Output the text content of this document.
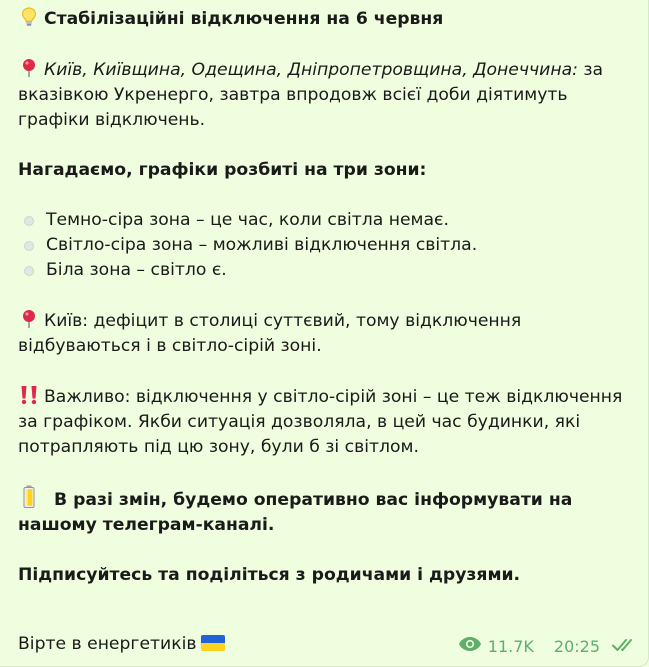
Стабілізаційні відключення на 6 червня
Київ, Київщина, Одещина, Дніпропетровщина, Донеччина: за вказівкою Укренерго, завтра впродовж всієї доби діятимуть графіки відключень.
Нагадаємо, графіки розбиті на три зони:
Темно-сіра зона – це час, коли світла немає.
Світло-сіра зона – можливі відключення світла.
Біла зона – світло є.
Київ: дефіцит в столиці суттєвий, тому відключення відбуваються і в світло-сірій зоні.
Важливо: відключення у світло-сірій зоні – це теж відключення за графіком. Якби ситуація дозволяла, в цей час будинки, які потрапляють під цю зону, були б зі світлом.
В разі змін, будемо оперативно вас інформувати на нашому телеграм-каналі.
Підписуйтесь та поділіться з родичами і друзями.
Вірте в енергетиків	11.7K 20:25
